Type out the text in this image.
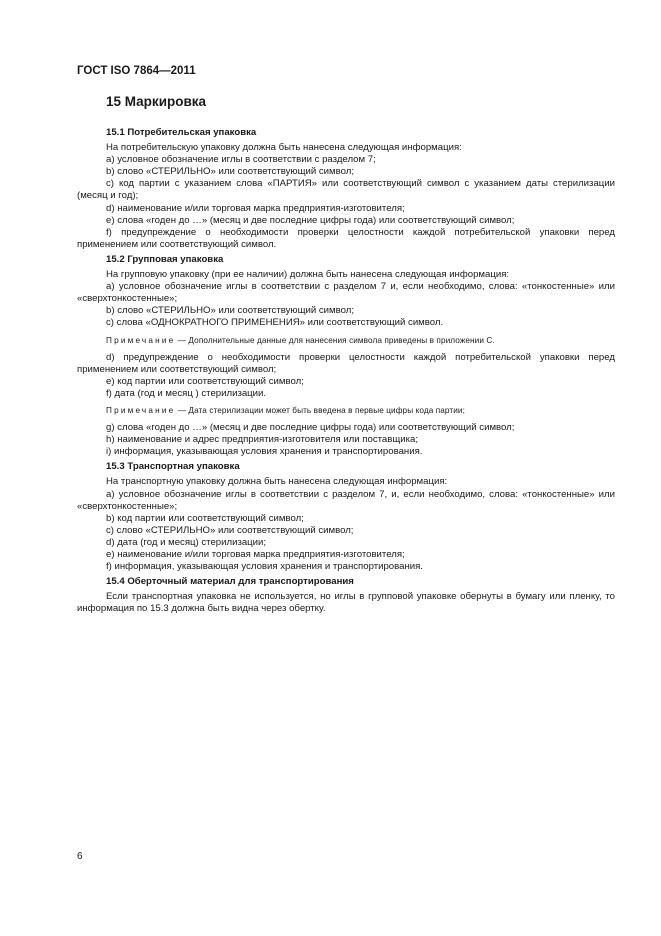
ГОСТ ISO 7864—2011
15 Маркировка

15.1 Потребительская упаковка

На потребительскую упаковку должна быть нанесена следующая информация:

a) условное обозначение иглы в соответствии с разделом 7;

b) слово «СТЕРИЛЬНО» или соответствующий символ;

c) код партии с указанием слова «ПАРТИЯ» или соответствующий символ с указанием даты стерилизации (месяц и год);

d) наименование и/или торговая марка предприятия-изготовителя;

e) слова «годен до …» (месяц и две последние цифры года) или соответствующий символ;

f) предупреждение о необходимости проверки целостности каждой потребительской упаковки перед применением или соответствующий символ.

15.2 Групповая упаковка

На групповую упаковку (при ее наличии) должна быть нанесена следующая информация:

a) условное обозначение иглы в соответствии с разделом 7 и, если необходимо, слова: «тонкостенные» или «сверхтонкостенные»;

b) слово «СТЕРИЛЬНО» или соответствующий символ;

c) слова «ОДНОКРАТНОГО ПРИМЕНЕНИЯ» или соответствующий символ.

Примечание — Дополнительные данные для нанесения символа приведены в приложении С.

d) предупреждение о необходимости проверки целостности каждой потребительской упаковки перед применением или соответствующий символ;

e) код партии или соответствующий символ;

f) дата (год и месяц ) стерилизации.

Примечание — Дата стерилизации может быть введена в первые цифры кода партии;

g) слова «годен до …» (месяц и две последние цифры года) или соответствующий символ;

h) наименование и адрес предприятия-изготовителя или поставщика;

i) информация, указывающая условия хранения и транспортирования.

15.3 Транспортная упаковка

На транспортную упаковку должна быть нанесена следующая информация:

a) условное обозначение иглы в соответствии с разделом 7, и, если необходимо, слова: «тонкостенные» или «сверхтонкостенные»;

b) код партии или соответствующий символ;

c) слово «СТЕРИЛЬНО» или соответствующий символ;

d) дата (год и месяц) стерилизации;

e) наименование и/или торговая марка предприятия-изготовителя;

f) информация, указывающая условия хранения и транспортирования.

15.4 Оберточный материал для транспортирования

Если транспортная упаковка не используется, но иглы в групповой упаковке обернуты в бумагу или пленку, то информация по 15.3 должна быть видна через обертку.

6
